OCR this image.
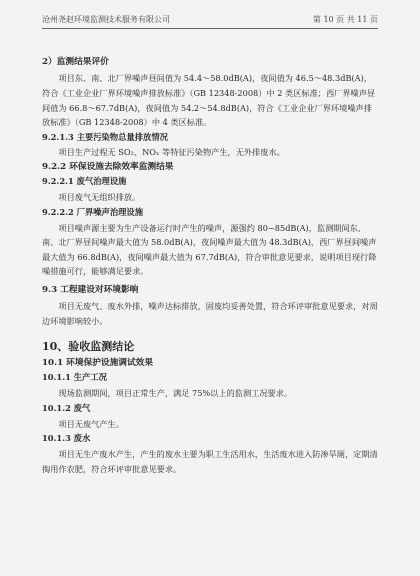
沧州尧赵环境监测技术服务有限公司	第 10 页 共 11 页
2）监测结果评价

项目东、南、北厂界噪声昼间值为 54.4～58.0dB(A)，夜间值为 46.5～48.3dB(A)，符合《工业企业厂界环境噪声排放标准》（GB 12348-2008）中 2 类区标准；西厂界噪声昼间值为 66.8～67.7dB(A)，夜间值为 54.2～54.8dB(A)，符合《工业企业厂界环境噪声排放标准》（GB 12348-2008）中 4 类区标准。

9.2.1.3 主要污染物总量排放情况

项目生产过程无 SO₂、NOₓ 等特征污染物产生，无外排废水。

9.2.2 环保设施去除效率监测结果
9.2.2.1 废气治理设施

项目废气无组织排放。

9.2.2.2 厂界噪声治理设施

项目噪声源主要为生产设备运行时产生的噪声，源强约 80~85dB(A)，监测期间东、南、北厂界昼间噪声最大值为 58.0dB(A)，夜间噪声最大值为 48.3dB(A)，西厂界昼间噪声最大值为 66.8dB(A)，夜间噪声最大值为 67.7dB(A)，符合审批意见要求，说明项目现行降噪措施可行，能够满足要求。

9.3 工程建设对环境影响

项目无废气、废水外排，噪声达标排放，固废均妥善处置，符合环评审批意见要求，对周边环境影响较小。

10、验收监测结论
10.1 环境保护设施调试效果
10.1.1 生产工况

现场监测期间，项目正常生产，满足 75%以上的监测工况要求。

10.1.2 废气

项目无废气产生。

10.1.3 废水

项目无生产废水产生，产生的废水主要为职工生活用水，生活废水进入防渗旱厕，定期清掏用作农肥，符合环评审批意见要求。
